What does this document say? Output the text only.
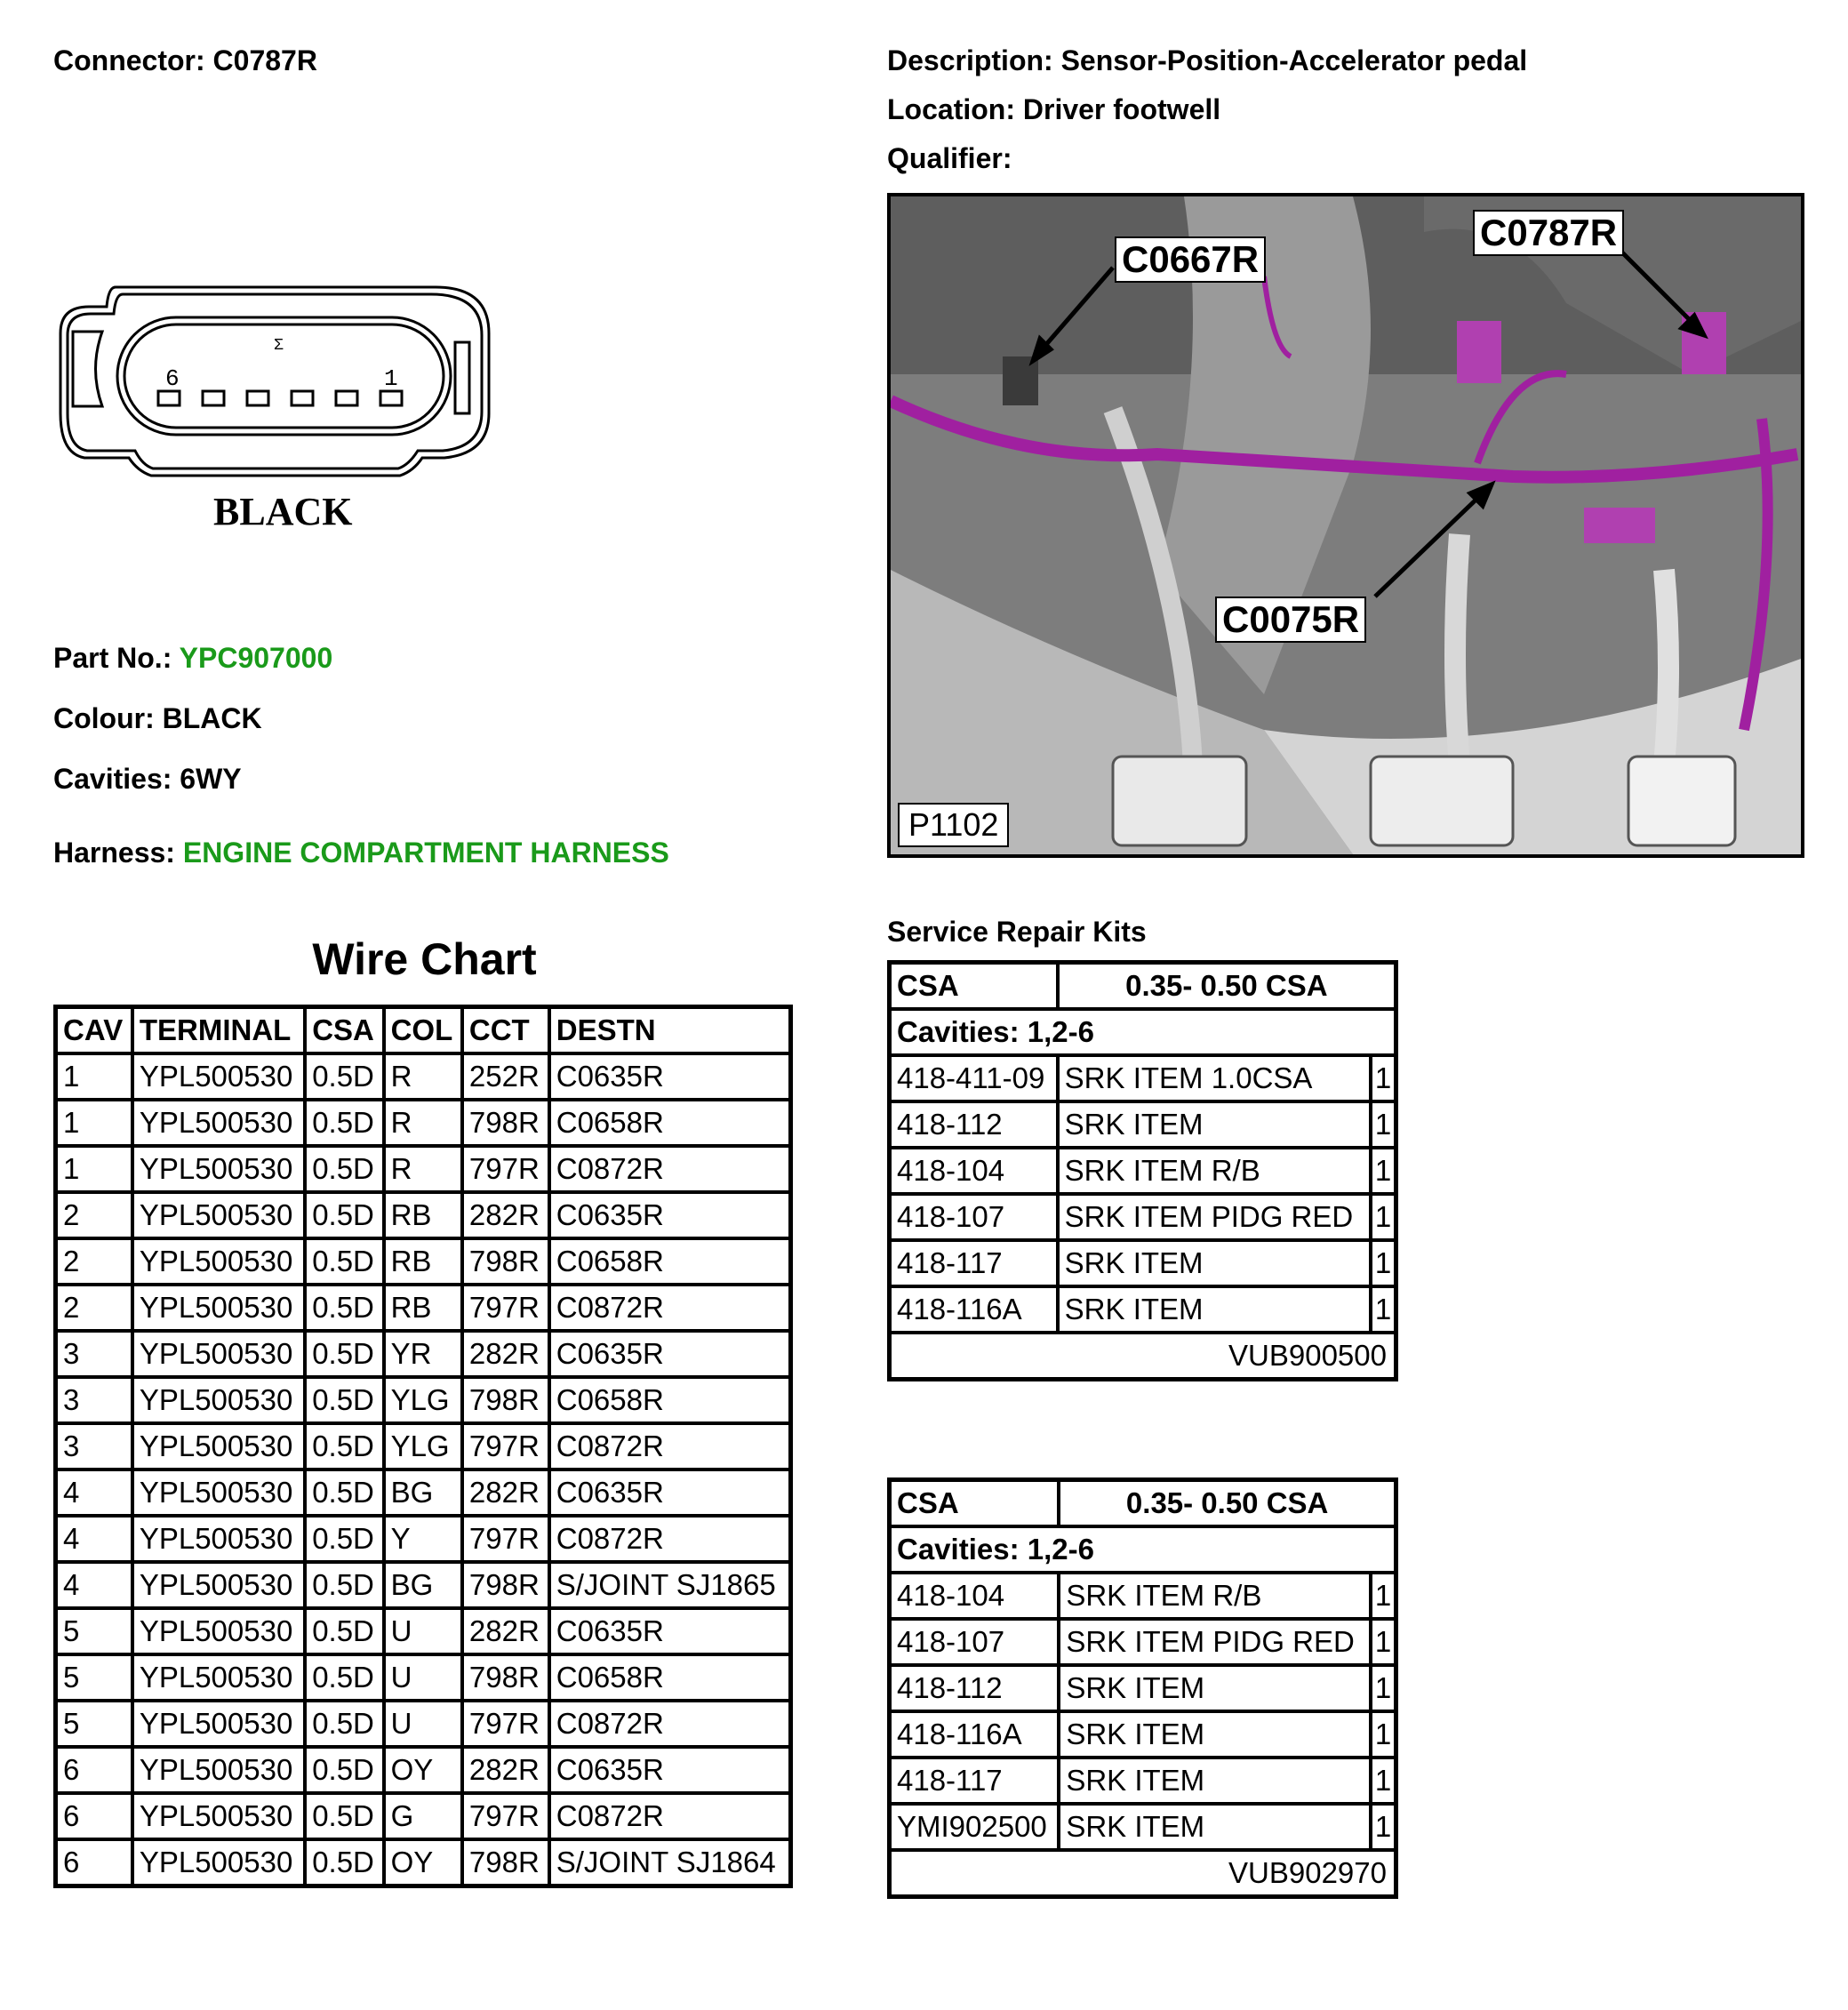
Connector: C0787R	Description: Sensor-Position-Accelerator pedal
Location: Driver footwell
Qualifier:
6	1
Σ
BLACK
Part No.: YPC907000
Colour: BLACK
Cavities: 6WY
Harness: ENGINE COMPARTMENT HARNESS
C0667R
C0787R
C0075R
P1102
Wire Chart
CAV	TERMINAL	CSA	COL	CCT	DESTN
1	YPL500530	0.5D	R	252R	C0635R
1	YPL500530	0.5D	R	798R	C0658R
1	YPL500530	0.5D	R	797R	C0872R
2	YPL500530	0.5D	RB	282R	C0635R
2	YPL500530	0.5D	RB	798R	C0658R
2	YPL500530	0.5D	RB	797R	C0872R
3	YPL500530	0.5D	YR	282R	C0635R
3	YPL500530	0.5D	YLG	798R	C0658R
3	YPL500530	0.5D	YLG	797R	C0872R
4	YPL500530	0.5D	BG	282R	C0635R
4	YPL500530	0.5D	Y	797R	C0872R
4	YPL500530	0.5D	BG	798R	S/JOINT SJ1865
5	YPL500530	0.5D	U	282R	C0635R
5	YPL500530	0.5D	U	798R	C0658R
5	YPL500530	0.5D	U	797R	C0872R
6	YPL500530	0.5D	OY	282R	C0635R
6	YPL500530	0.5D	G	797R	C0872R
6	YPL500530	0.5D	OY	798R	S/JOINT SJ1864
Service Repair Kits
CSA	0.35- 0.50 CSA	
Cavities: 1,2-6		
418-411-09	SRK ITEM 1.0CSA	1
418-112	SRK ITEM	1
418-104	SRK ITEM R/B	1
418-107	SRK ITEM PIDG RED	1
418-117	SRK ITEM	1
418-116A	SRK ITEM	1
VUB900500		
CSA	0.35- 0.50 CSA	
Cavities: 1,2-6		
418-104	SRK ITEM R/B	1
418-107	SRK ITEM PIDG RED	1
418-112	SRK ITEM	1
418-116A	SRK ITEM	1
418-117	SRK ITEM	1
YMI902500	SRK ITEM	1
VUB902970		
